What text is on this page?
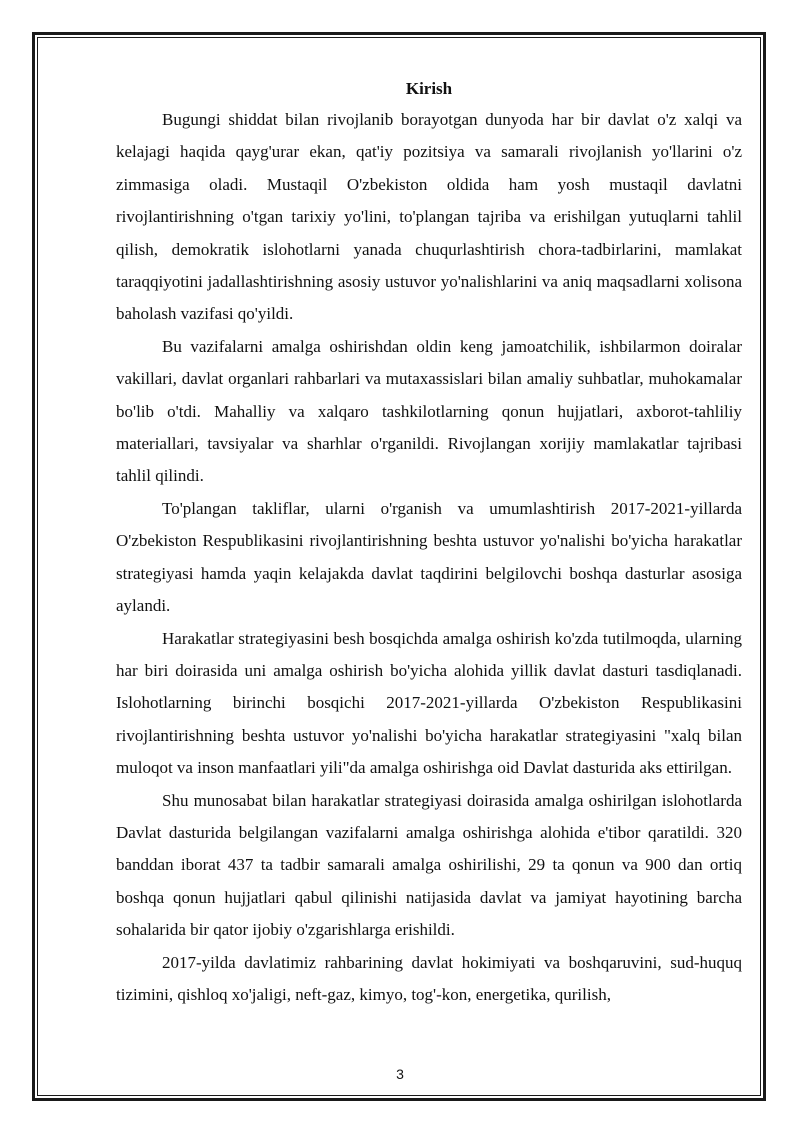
Kirish

Bugungi shiddat bilan rivojlanib borayotgan dunyoda har bir davlat o'z xalqi va kelajagi haqida qayg'urar ekan, qat'iy pozitsiya va samarali rivojlanish yo'llarini o'z zimmasiga oladi. Mustaqil O'zbekiston oldida ham yosh mustaqil davlatni rivojlantirishning o'tgan tarixiy yo'lini, to'plangan tajriba va erishilgan yutuqlarni tahlil qilish, demokratik islohotlarni yanada chuqurlashtirish chora-tadbirlarini, mamlakat taraqqiyotini jadallashtirishning asosiy ustuvor yo'nalishlarini va aniq maqsadlarni xolisona baholash vazifasi qo'yildi.

Bu vazifalarni amalga oshirishdan oldin keng jamoatchilik, ishbilarmon doiralar vakillari, davlat organlari rahbarlari va mutaxassislari bilan amaliy suhbatlar, muhokamalar bo'lib o'tdi. Mahalliy va xalqaro tashkilotlarning qonun hujjatlari, axborot-tahliliy materiallari, tavsiyalar va sharhlar o'rganildi. Rivojlangan xorijiy mamlakatlar tajribasi tahlil qilindi.

To'plangan takliflar, ularni o'rganish va umumlashtirish 2017-2021-yillarda O'zbekiston Respublikasini rivojlantirishning beshta ustuvor yo'nalishi bo'yicha harakatlar strategiyasi hamda yaqin kelajakda davlat taqdirini belgilovchi boshqa dasturlar asosiga aylandi.

Harakatlar strategiyasini besh bosqichda amalga oshirish ko'zda tutilmoqda, ularning har biri doirasida uni amalga oshirish bo'yicha alohida yillik davlat dasturi tasdiqlanadi. Islohotlarning birinchi bosqichi 2017-2021-yillarda O'zbekiston Respublikasini rivojlantirishning beshta ustuvor yo'nalishi bo'yicha harakatlar strategiyasini "xalq bilan muloqot va inson manfaatlari yili"da amalga oshirishga oid Davlat dasturida aks ettirilgan.

Shu munosabat bilan harakatlar strategiyasi doirasida amalga oshirilgan islohotlarda Davlat dasturida belgilangan vazifalarni amalga oshirishga alohida e'tibor qaratildi. 320 banddan iborat 437 ta tadbir samarali amalga oshirilishi, 29 ta qonun va 900 dan ortiq boshqa qonun hujjatlari qabul qilinishi natijasida davlat va jamiyat hayotining barcha sohalarida bir qator ijobiy o'zgarishlarga erishildi.

2017-yilda davlatimiz rahbarining davlat hokimiyati va boshqaruvini, sud-huquq tizimini, qishloq xo'jaligi, neft-gaz, kimyo, tog'-kon, energetika, qurilish,

3
